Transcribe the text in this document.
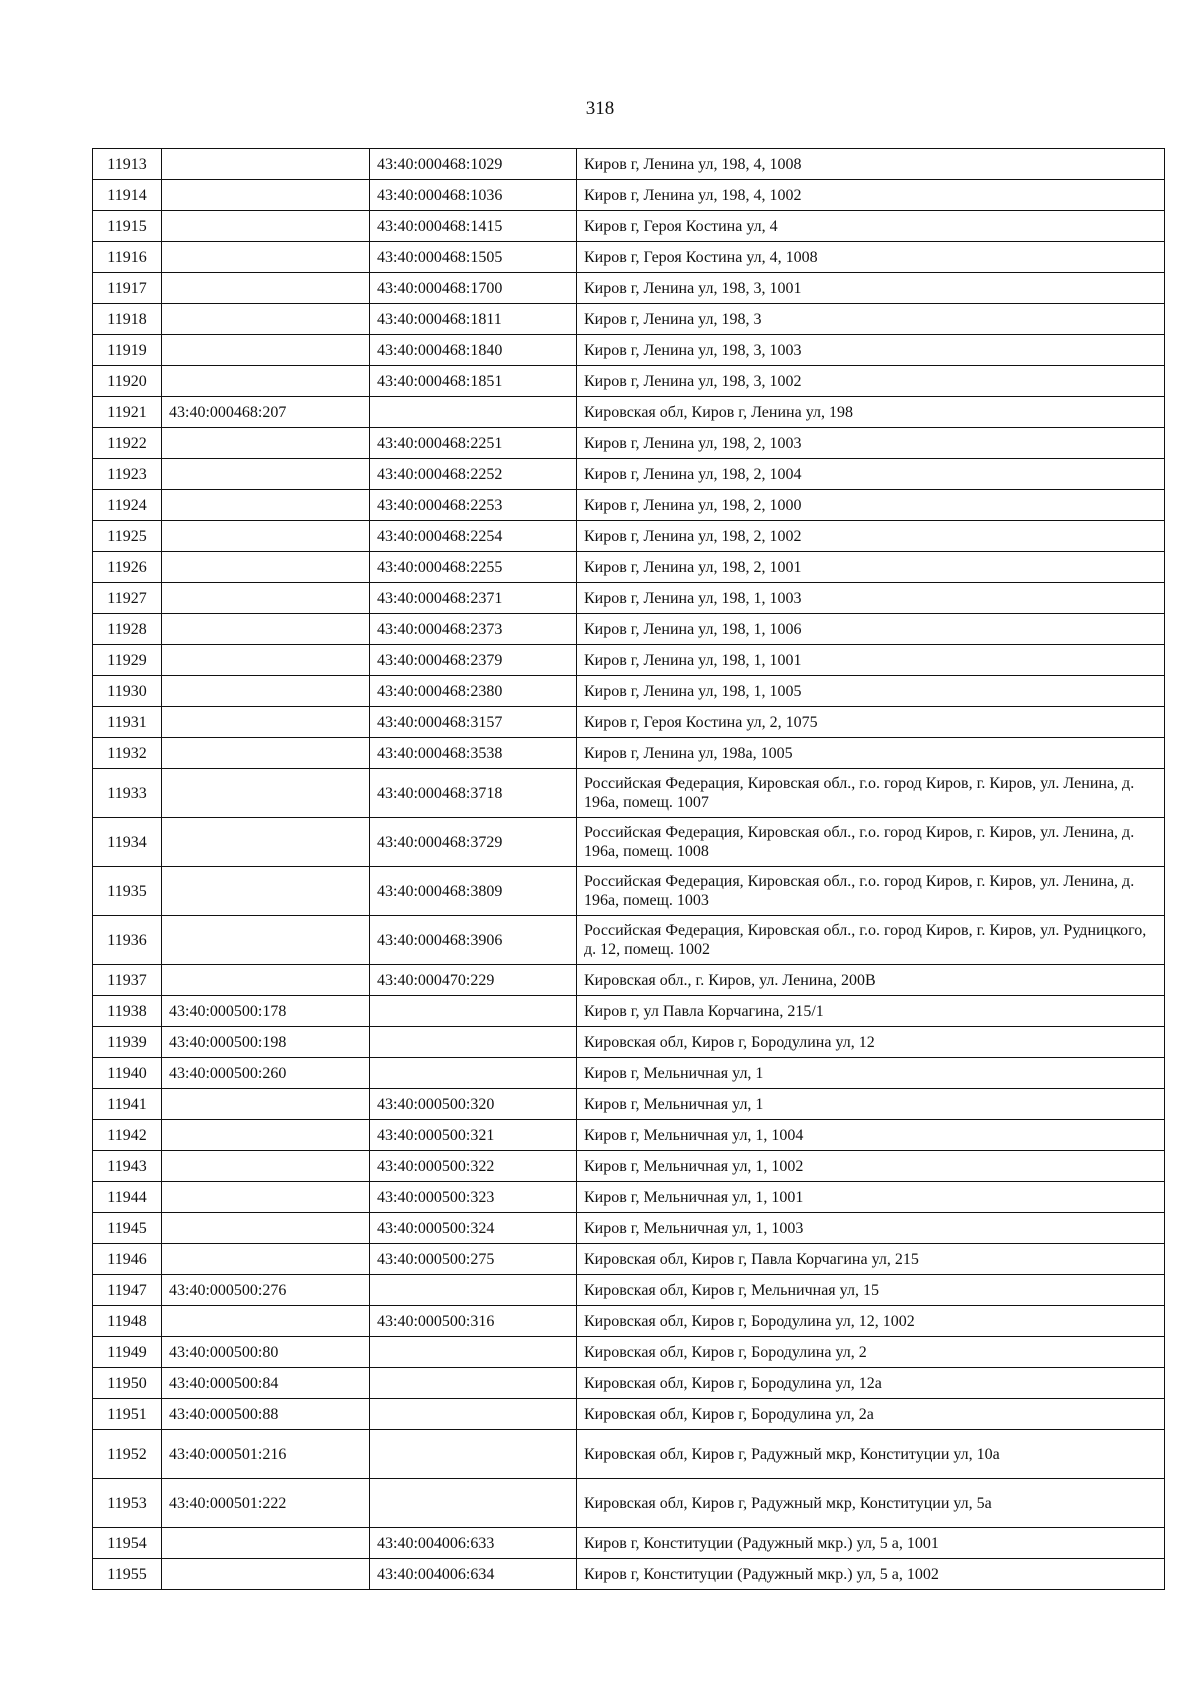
318
11913		43:40:000468:1029	Киров г, Ленина ул, 198, 4, 1008
11914		43:40:000468:1036	Киров г, Ленина ул, 198, 4, 1002
11915		43:40:000468:1415	Киров г, Героя Костина ул, 4
11916		43:40:000468:1505	Киров г, Героя Костина ул, 4, 1008
11917		43:40:000468:1700	Киров г, Ленина ул, 198, 3, 1001
11918		43:40:000468:1811	Киров г, Ленина ул, 198, 3
11919		43:40:000468:1840	Киров г, Ленина ул, 198, 3, 1003
11920		43:40:000468:1851	Киров г, Ленина ул, 198, 3, 1002
11921	43:40:000468:207		Кировская обл, Киров г, Ленина ул, 198
11922		43:40:000468:2251	Киров г, Ленина ул, 198, 2, 1003
11923		43:40:000468:2252	Киров г, Ленина ул, 198, 2, 1004
11924		43:40:000468:2253	Киров г, Ленина ул, 198, 2, 1000
11925		43:40:000468:2254	Киров г, Ленина ул, 198, 2, 1002
11926		43:40:000468:2255	Киров г, Ленина ул, 198, 2, 1001
11927		43:40:000468:2371	Киров г, Ленина ул, 198, 1, 1003
11928		43:40:000468:2373	Киров г, Ленина ул, 198, 1, 1006
11929		43:40:000468:2379	Киров г, Ленина ул, 198, 1, 1001
11930		43:40:000468:2380	Киров г, Ленина ул, 198, 1, 1005
11931		43:40:000468:3157	Киров г, Героя Костина ул, 2, 1075
11932		43:40:000468:3538	Киров г, Ленина ул, 198а, 1005
11933		43:40:000468:3718	Российская Федерация, Кировская обл., г.о. город Киров, г. Киров, ул. Ленина, д. 196а, помещ. 1007
11934		43:40:000468:3729	Российская Федерация, Кировская обл., г.о. город Киров, г. Киров, ул. Ленина, д. 196а, помещ. 1008
11935		43:40:000468:3809	Российская Федерация, Кировская обл., г.о. город Киров, г. Киров, ул. Ленина, д. 196а, помещ. 1003
11936		43:40:000468:3906	Российская Федерация, Кировская обл., г.о. город Киров, г. Киров, ул. Рудницкого, д. 12, помещ. 1002
11937		43:40:000470:229	Кировская обл., г. Киров, ул. Ленина, 200В
11938	43:40:000500:178		Киров г, ул Павла Корчагина, 215/1
11939	43:40:000500:198		Кировская обл, Киров г, Бородулина ул, 12
11940	43:40:000500:260		Киров г, Мельничная ул, 1
11941		43:40:000500:320	Киров г, Мельничная ул, 1
11942		43:40:000500:321	Киров г, Мельничная ул, 1, 1004
11943		43:40:000500:322	Киров г, Мельничная ул, 1, 1002
11944		43:40:000500:323	Киров г, Мельничная ул, 1, 1001
11945		43:40:000500:324	Киров г, Мельничная ул, 1, 1003
11946		43:40:000500:275	Кировская обл, Киров г, Павла Корчагина ул, 215
11947	43:40:000500:276		Кировская обл, Киров г, Мельничная ул, 15
11948		43:40:000500:316	Кировская обл, Киров г, Бородулина ул, 12, 1002
11949	43:40:000500:80		Кировская обл, Киров г, Бородулина ул, 2
11950	43:40:000500:84		Кировская обл, Киров г, Бородулина ул, 12а
11951	43:40:000500:88		Кировская обл, Киров г, Бородулина ул, 2а
11952	43:40:000501:216		Кировская обл, Киров г, Радужный мкр, Конституции ул, 10а
11953	43:40:000501:222		Кировская обл, Киров г, Радужный мкр, Конституции ул, 5а
11954		43:40:004006:633	Киров г, Конституции (Радужный мкр.) ул, 5 а, 1001
11955		43:40:004006:634	Киров г, Конституции (Радужный мкр.) ул, 5 а, 1002
